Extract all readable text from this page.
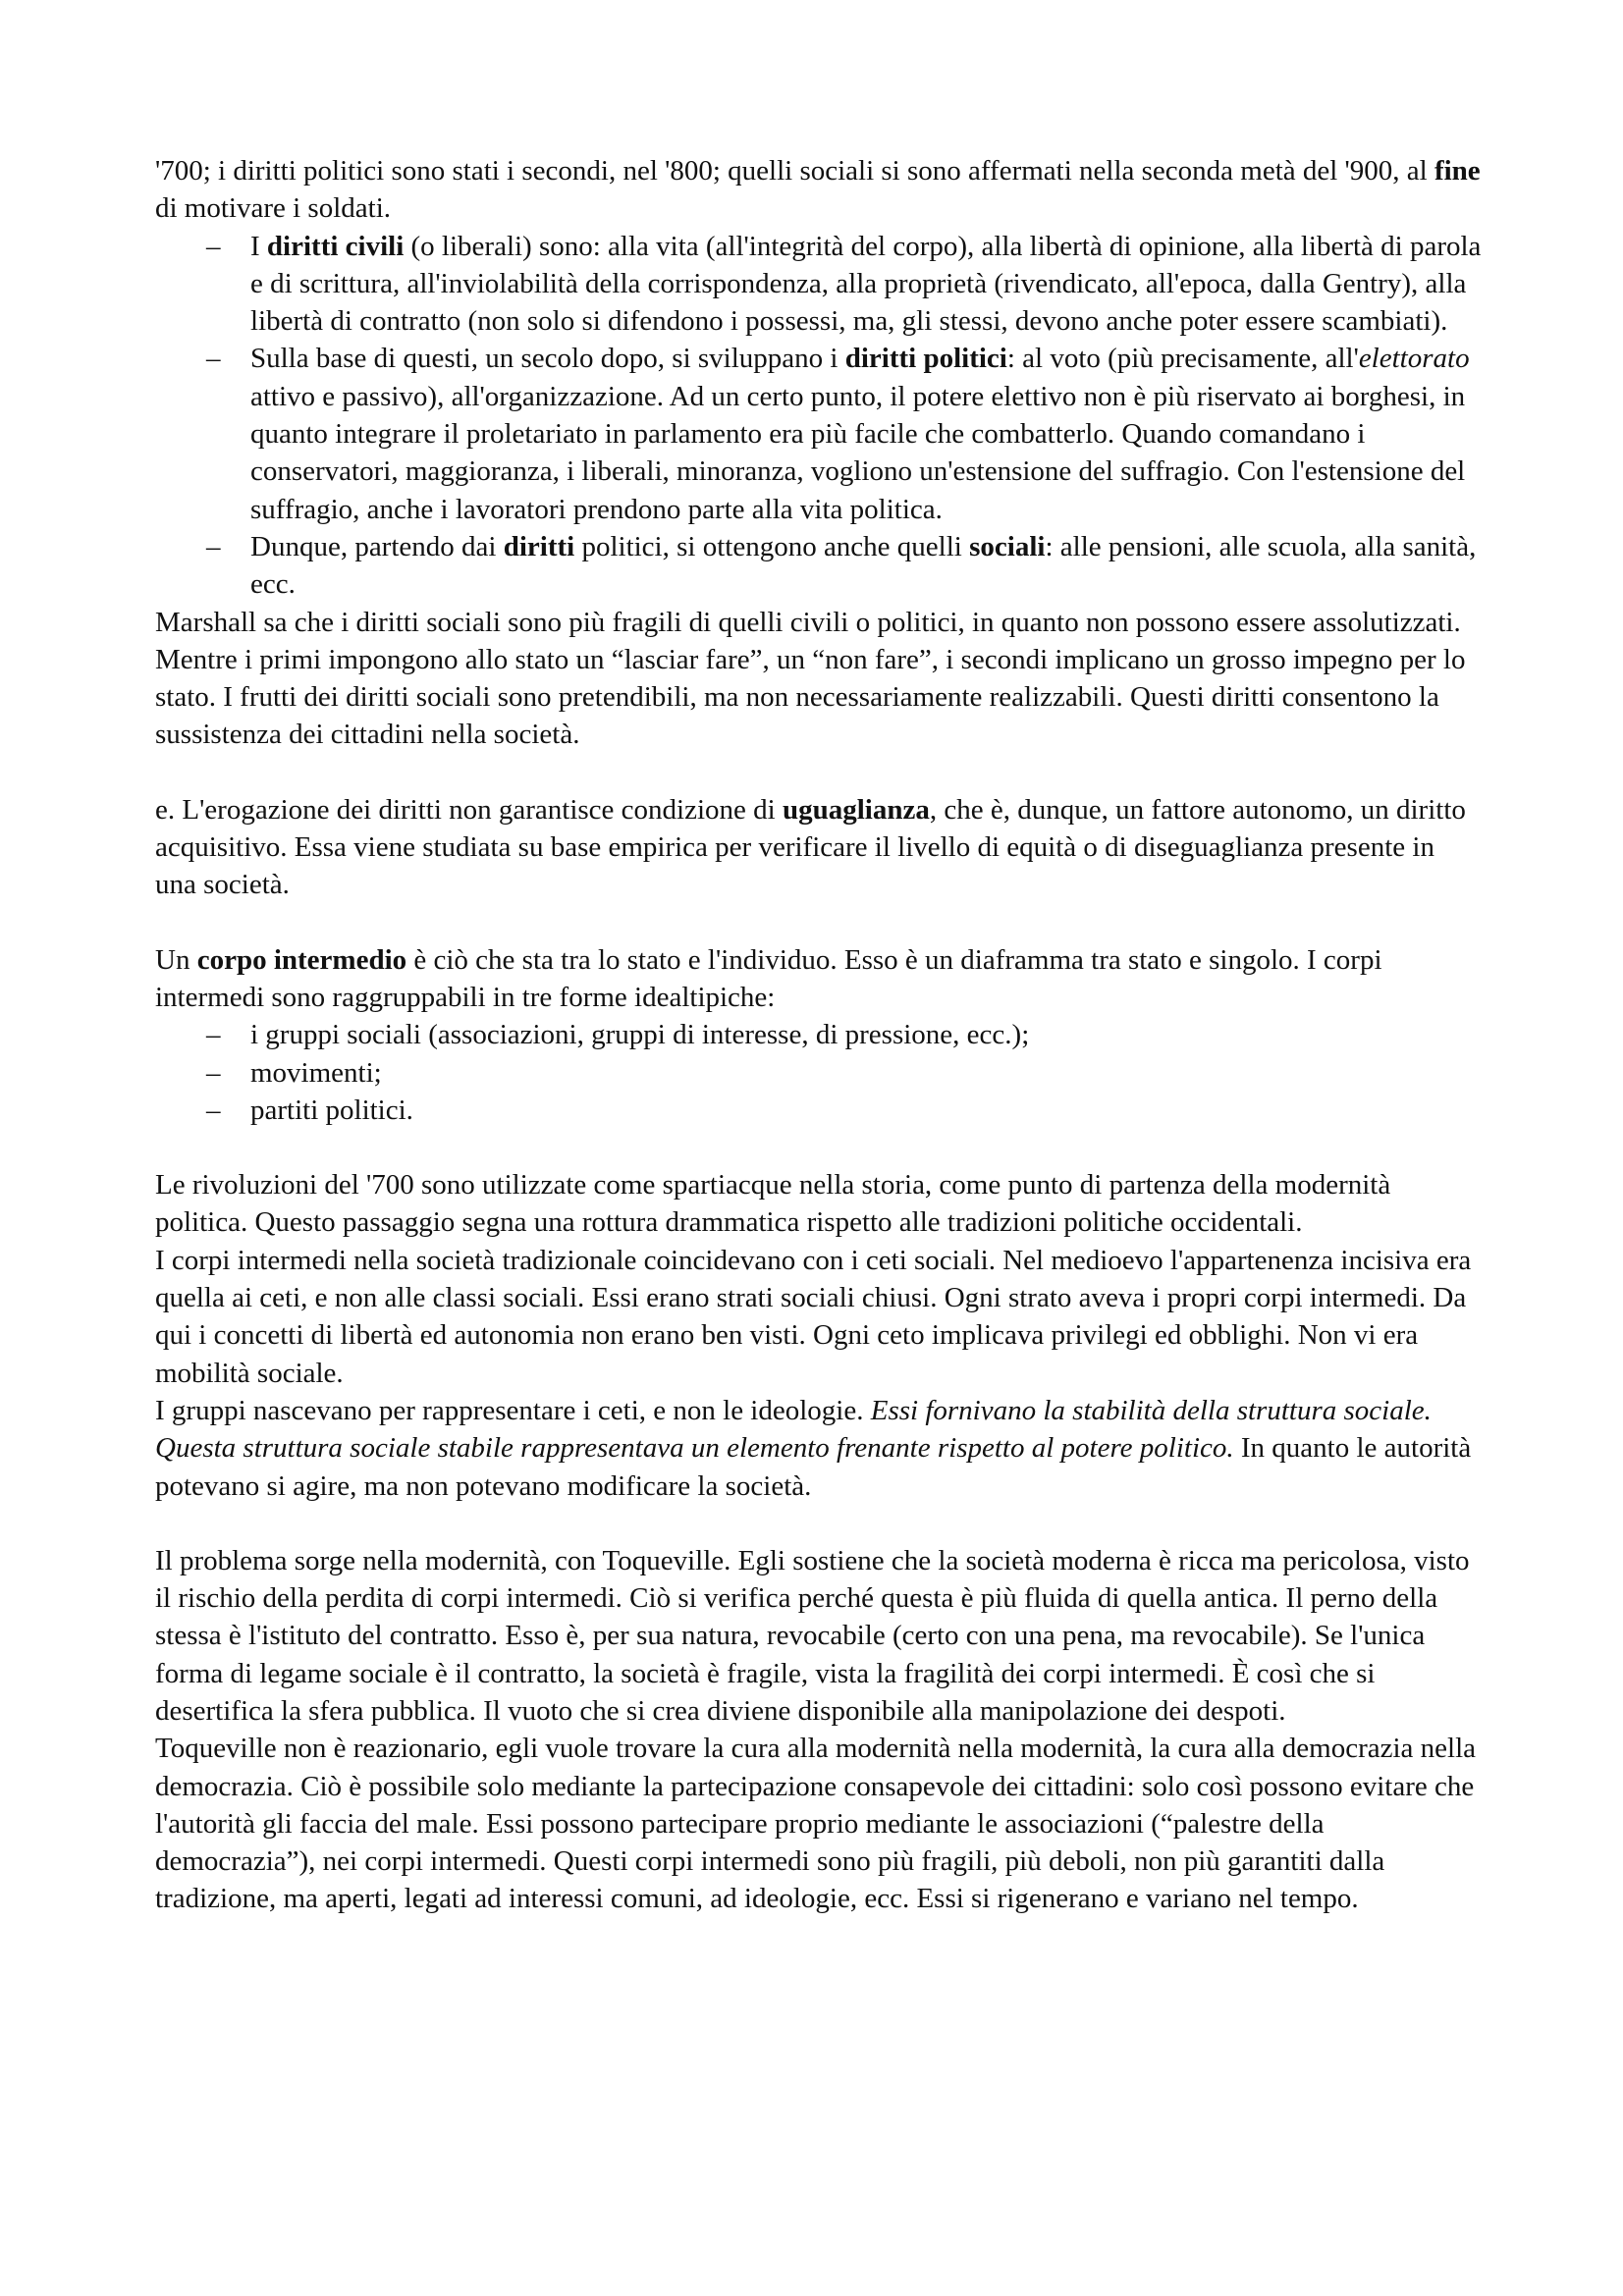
'700; i diritti politici sono stati i secondi, nel '800; quelli sociali si sono affermati nella seconda metà del '900, al fine di motivare i soldati.

– I diritti civili (o liberali) sono: alla vita (all'integrità del corpo), alla libertà di opinione, alla libertà di parola e di scrittura, all'inviolabilità della corrispondenza, alla proprietà (rivendicato, all'epoca, dalla Gentry), alla libertà di contratto (non solo si difendono i possessi, ma, gli stessi, devono anche poter essere scambiati).
– Sulla base di questi, un secolo dopo, si sviluppano i diritti politici: al voto (più precisamente, all'elettorato attivo e passivo), all'organizzazione. Ad un certo punto, il potere elettivo non è più riservato ai borghesi, in quanto integrare il proletariato in parlamento era più facile che combatterlo. Quando comandano i conservatori, maggioranza, i liberali, minoranza, vogliono un'estensione del suffragio. Con l'estensione del suffragio, anche i lavoratori prendono parte alla vita politica.
– Dunque, partendo dai diritti politici, si ottengono anche quelli sociali: alle pensioni, alle scuola, alla sanità, ecc.

Marshall sa che i diritti sociali sono più fragili di quelli civili o politici, in quanto non possono essere assolutizzati. Mentre i primi impongono allo stato un “lasciar fare”, un “non fare”, i secondi implicano un grosso impegno per lo stato. I frutti dei diritti sociali sono pretendibili, ma non necessariamente realizzabili. Questi diritti consentono la sussistenza dei cittadini nella società.

e. L'erogazione dei diritti non garantisce condizione di uguaglianza, che è, dunque, un fattore autonomo, un diritto acquisitivo. Essa viene studiata su base empirica per verificare il livello di equità o di diseguaglianza presente in una società.

Un corpo intermedio è ciò che sta tra lo stato e l'individuo. Esso è un diaframma tra stato e singolo. I corpi intermedi sono raggruppabili in tre forme idealtipiche:

– i gruppi sociali (associazioni, gruppi di interesse, di pressione, ecc.);
– movimenti;
– partiti politici.

Le rivoluzioni del '700 sono utilizzate come spartiacque nella storia, come punto di partenza della modernità politica. Questo passaggio segna una rottura drammatica rispetto alle tradizioni politiche occidentali.

I corpi intermedi nella società tradizionale coincidevano con i ceti sociali. Nel medioevo l'appartenenza incisiva era quella ai ceti, e non alle classi sociali. Essi erano strati sociali chiusi. Ogni strato aveva i propri corpi intermedi. Da qui i concetti di libertà ed autonomia non erano ben visti. Ogni ceto implicava privilegi ed obblighi. Non vi era mobilità sociale.

I gruppi nascevano per rappresentare i ceti, e non le ideologie. Essi fornivano la stabilità della struttura sociale. Questa struttura sociale stabile rappresentava un elemento frenante rispetto al potere politico. In quanto le autorità potevano si agire, ma non potevano modificare la società.

Il problema sorge nella modernità, con Toqueville. Egli sostiene che la società moderna è ricca ma pericolosa, visto il rischio della perdita di corpi intermedi. Ciò si verifica perché questa è più fluida di quella antica. Il perno della stessa è l'istituto del contratto. Esso è, per sua natura, revocabile (certo con una pena, ma revocabile). Se l'unica forma di legame sociale è il contratto, la società è fragile, vista la fragilità dei corpi intermedi. È così che si desertifica la sfera pubblica. Il vuoto che si crea diviene disponibile alla manipolazione dei despoti.

Toqueville non è reazionario, egli vuole trovare la cura alla modernità nella modernità, la cura alla democrazia nella democrazia. Ciò è possibile solo mediante la partecipazione consapevole dei cittadini: solo così possono evitare che l'autorità gli faccia del male. Essi possono partecipare proprio mediante le associazioni (“palestre della democrazia”), nei corpi intermedi. Questi corpi intermedi sono più fragili, più deboli, non più garantiti dalla tradizione, ma aperti, legati ad interessi comuni, ad ideologie, ecc. Essi si rigenerano e variano nel tempo.
